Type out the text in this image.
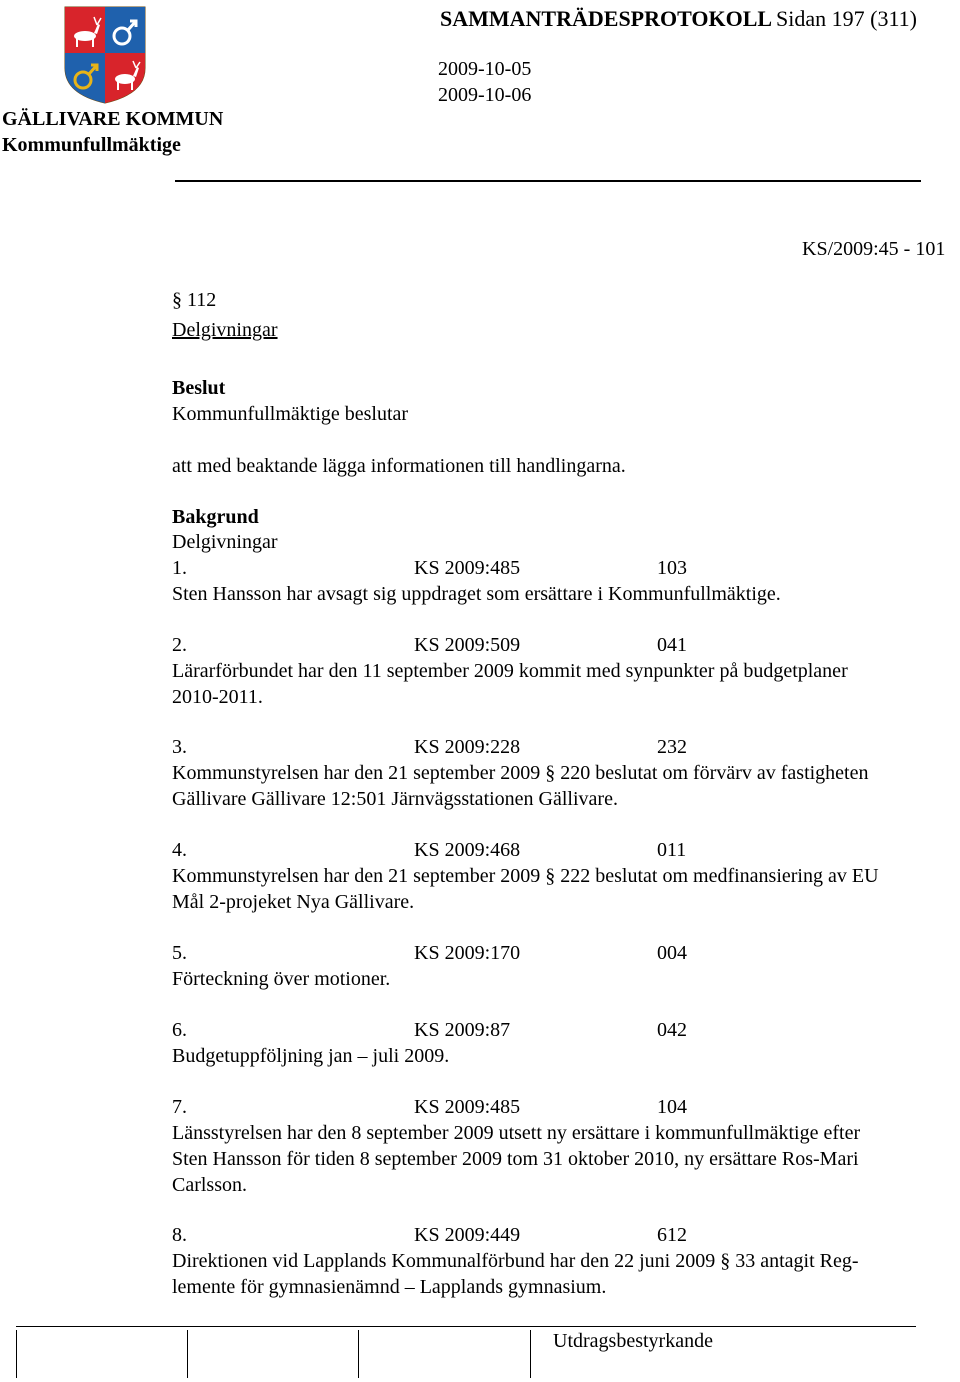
SAMMANTRÄDESPROTOKOLL Sidan 197 (311)
2009-10-05
2009-10-06
GÄLLIVARE KOMMUN
Kommunfullmäktige
KS/2009:45 - 101
§ 112
Delgivningar
Beslut
Kommunfullmäktige beslutar
att med beaktande lägga informationen till handlingarna.
Bakgrund
Delgivningar
1.	KS 2009:485	103
Sten Hansson har avsagt sig uppdraget som ersättare i Kommunfullmäktige.
2.	KS 2009:509	041
Lärarförbundet har den 11 september 2009 kommit med synpunkter på budgetplaner
2010-2011.
3.	KS 2009:228	232
Kommunstyrelsen har den 21 september 2009 § 220 beslutat om förvärv av fastigheten
Gällivare Gällivare 12:501 Järnvägsstationen Gällivare.
4.	KS 2009:468	011
Kommunstyrelsen har den 21 september 2009 § 222 beslutat om medfinansiering av EU
Mål 2-projeket Nya Gällivare.
5.	KS 2009:170	004
Förteckning över motioner.
6.	KS 2009:87	042
Budgetuppföljning jan – juli 2009.
7.	KS 2009:485	104
Länsstyrelsen har den 8 september 2009 utsett ny ersättare i kommunfullmäktige efter
Sten Hansson för tiden 8 september 2009 tom 31 oktober 2010, ny ersättare Ros-Mari
Carlsson.
8.	KS 2009:449	612
Direktionen vid Lapplands Kommunalförbund har den 22 juni 2009 § 33 antagit Reg-
lemente för gymnasienämnd – Lapplands gymnasium.
Utdragsbestyrkande
